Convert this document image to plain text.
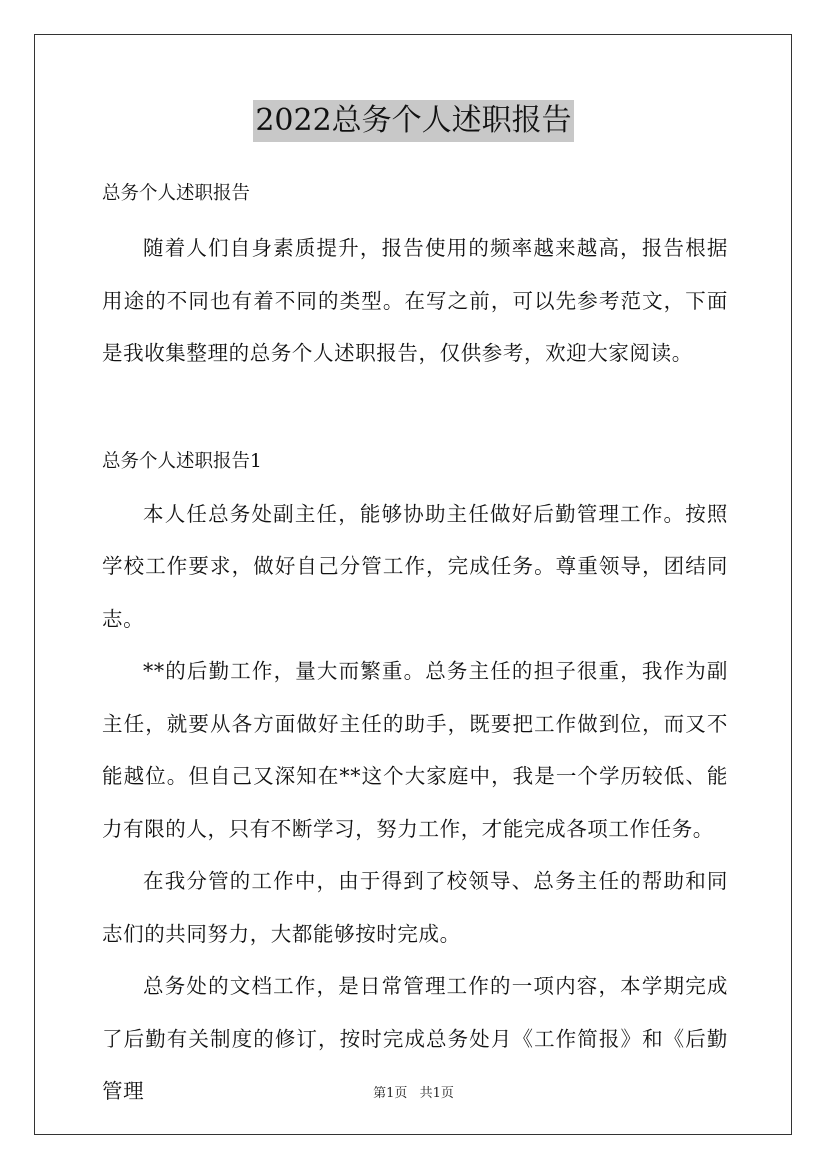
2022总务个人述职报告

总务个人述职报告

随着人们自身素质提升，报告使用的频率越来越高，报告根据用途的不同也有着不同的类型。在写之前，可以先参考范文，下面是我收集整理的总务个人述职报告，仅供参考，欢迎大家阅读。

总务个人述职报告1

本人任总务处副主任，能够协助主任做好后勤管理工作。按照学校工作要求，做好自己分管工作，完成任务。尊重领导，团结同志。

**的后勤工作，量大而繁重。总务主任的担子很重，我作为副主任，就要从各方面做好主任的助手，既要把工作做到位，而又不能越位。但自己又深知在**这个大家庭中，我是一个学历较低、能力有限的人，只有不断学习，努力工作，才能完成各项工作任务。

在我分管的工作中，由于得到了校领导、总务主任的帮助和同志们的共同努力，大都能够按时完成。

总务处的文档工作，是日常管理工作的一项内容，本学期完成了后勤有关制度的修订，按时完成总务处月《工作简报》和《后勤管理	第1页 共1页
